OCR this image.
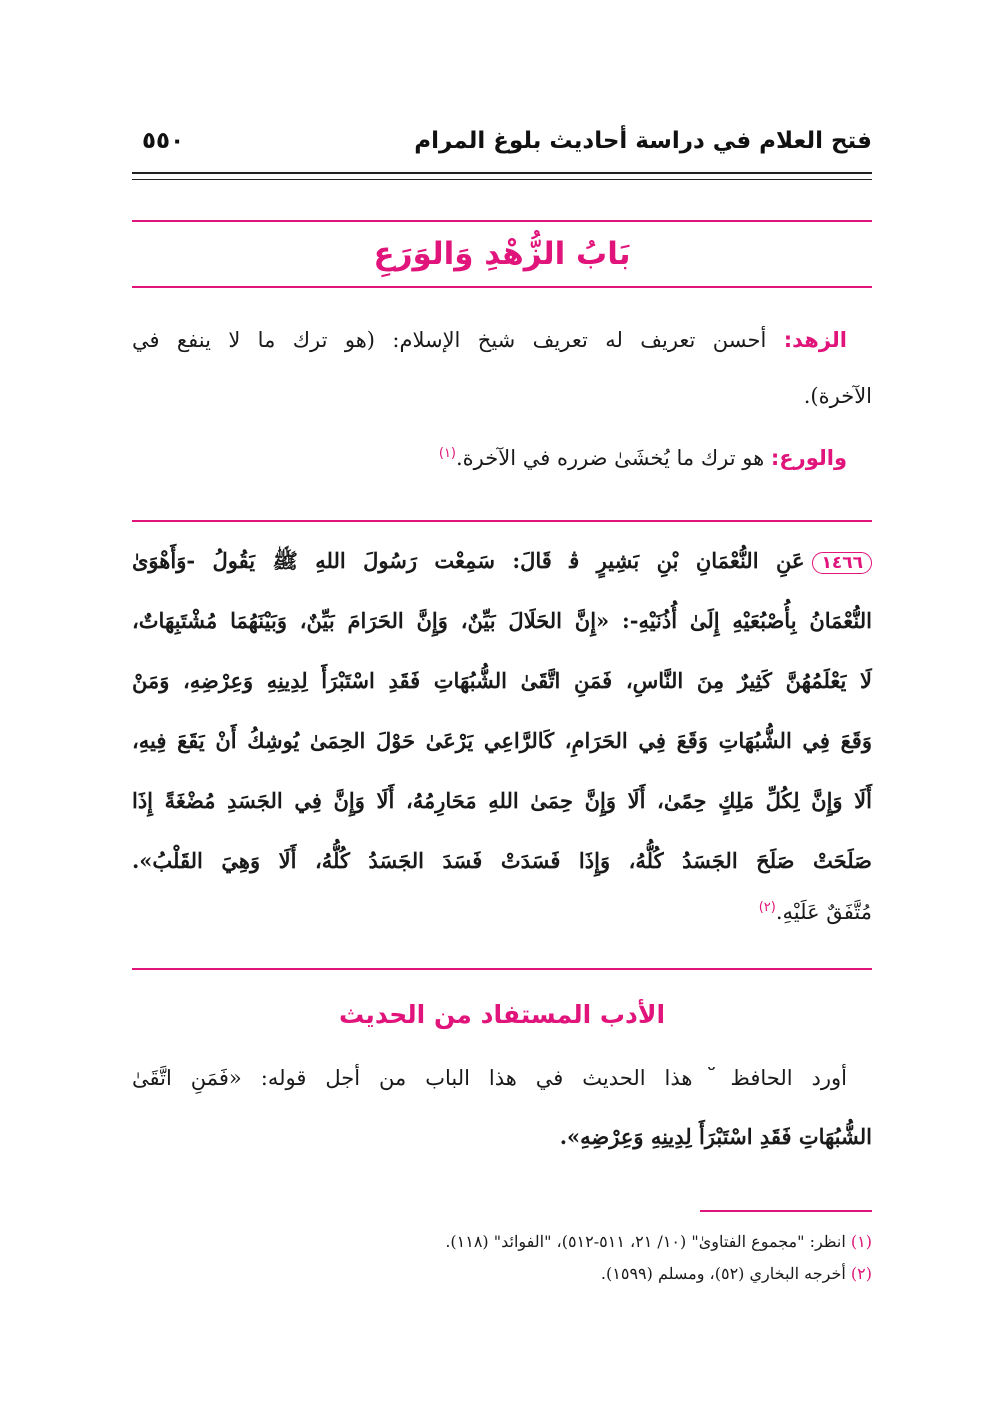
فتح العلام في دراسة أحاديث بلوغ المرام
٥٥٠
بَابُ الزُّهْدِ وَالوَرَعِ
الزهد: أحسن تعريف له تعريف شيخ الإسلام: (هو ترك ما لا ينفع في
الآخرة).
والورع: هو ترك ما يُخشَىٰ ضرره في الآخرة.$^{(١)}$
١٤٦٦عَنِ النُّعْمَانِ بْنِ بَشِيرٍ ﭬ قَالَ: سَمِعْت رَسُولَ اللهِ ﷺ يَقُولُ -وَأَهْوَىٰ
النُّعْمَانُ بِأُصْبُعَيْهِ إِلَىٰ أُذُنَيْهِ-: «إِنَّ الحَلَالَ بَيِّنٌ، وَإِنَّ الحَرَامَ بَيِّنٌ، وَبَيْنَهُمَا مُشْتَبِهَاتٌ،
لَا يَعْلَمُهُنَّ كَثِيرٌ مِنَ النَّاسِ، فَمَنِ اتَّقَىٰ الشُّبُهَاتِ فَقَدِ اسْتَبْرَأَ لِدِينِهِ وَعِرْضِهِ، وَمَنْ
وَقَعَ فِي الشُّبُهَاتِ وَقَعَ فِي الحَرَامِ، كَالرَّاعِي يَرْعَىٰ حَوْلَ الحِمَىٰ يُوشِكُ أَنْ يَقَعَ فِيهِ،
أَلَا وَإِنَّ لِكُلِّ مَلِكٍ حِمًىٰ، أَلَا وَإِنَّ حِمَىٰ اللهِ مَحَارِمُهُ، أَلَا وَإِنَّ فِي الجَسَدِ مُضْغَةً إِذَا
صَلَحَتْ صَلَحَ الجَسَدُ كُلُّهُ، وَإِذَا فَسَدَتْ فَسَدَ الجَسَدُ كُلُّهُ، أَلَا وَهِيَ القَلْبُ».
مُتَّفَقٌ عَلَيْهِ.$^{(٢)}$
الأدب المستفاد من الحديث
أورد الحافظ ﬞ هذا الحديث في هذا الباب من أجل قوله: «فَمَنِ اتَّقَىٰ
الشُّبُهَاتِ فَقَدِ اسْتَبْرَأَ لِدِينِهِ وَعِرْضِهِ».
(١) انظر: "مجموع الفتاوىٰ" (١٠/ ٢١، ٥١١-٥١٢)، "الفوائد" (١١٨).
(٢) أخرجه البخاري (٥٢)، ومسلم (١٥٩٩).
